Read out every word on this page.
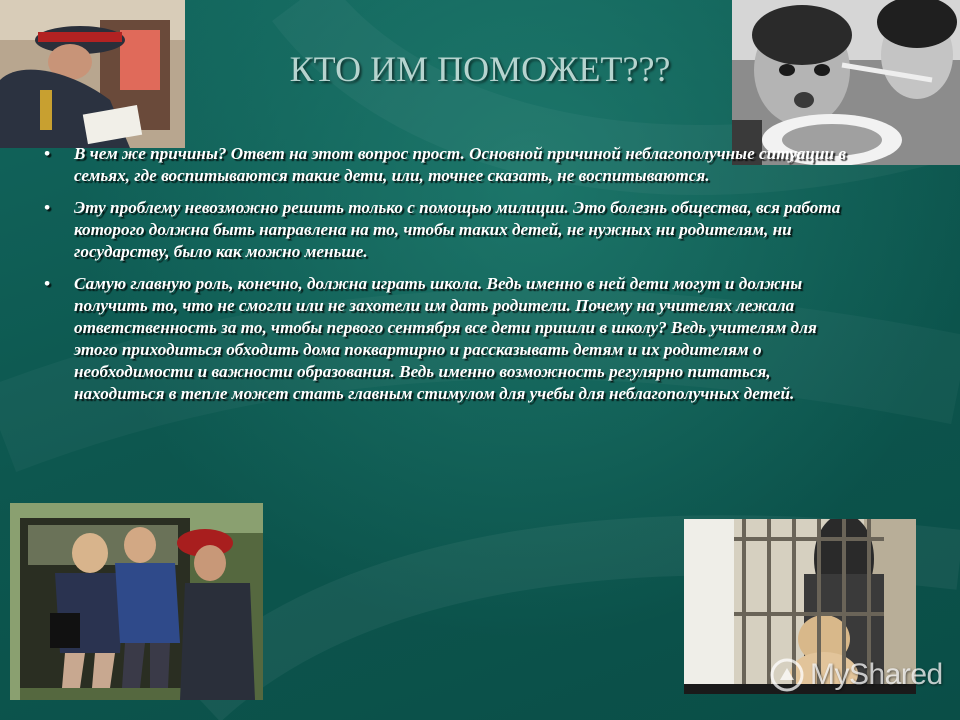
КТО ИМ ПОМОЖЕТ???
•	В чем же причины? Ответ на этот вопрос прост. Основной причиной неблагополучные ситуации в семьях, где воспитываются такие дети, или, точнее сказать, не воспитываются.
•	Эту проблему невозможно решить только с помощью милиции. Это болезнь общества, вся работа которого должна быть направлена на то, чтобы таких детей, не нужных ни родителям, ни государству, было как можно меньше.
•	Самую главную роль, конечно, должна играть школа. Ведь именно в ней дети могут и должны получить то, что не смогли или не захотели им дать родители. Почему на учителях лежала ответственность за то, чтобы первого сентября все дети пришли в школу? Ведь учителям для этого приходиться обходить дома поквартирно и рассказывать детям и их родителям о необходимости и важности образования. Ведь именно возможность регулярно питаться, находиться в тепле может стать главным стимулом для учебы для неблагополучных детей.
MyShared
